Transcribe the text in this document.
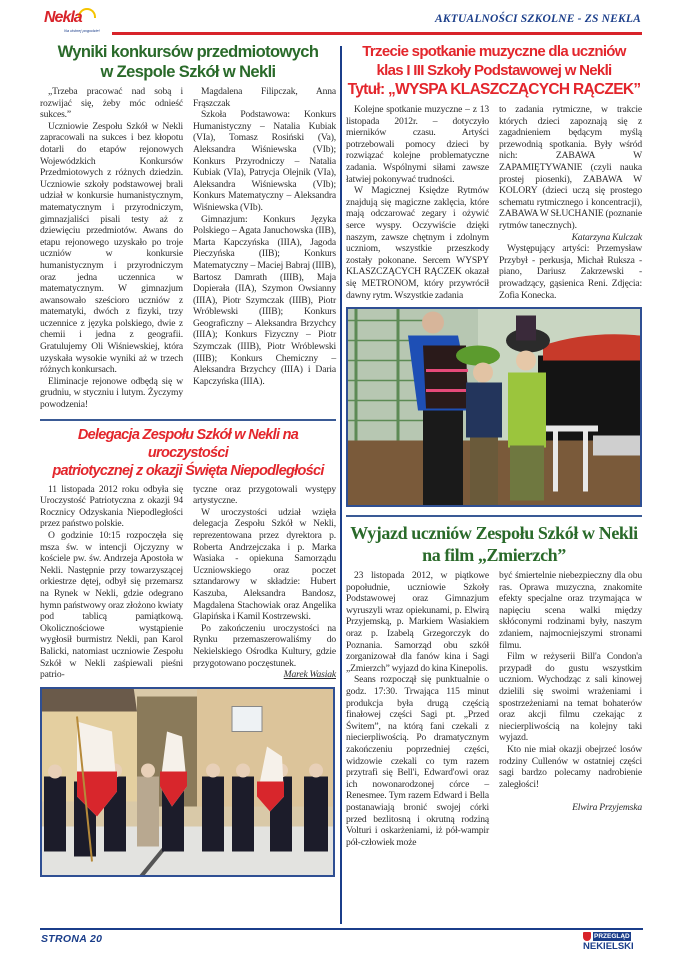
Nekla
Na dobrej pogodzie!
AKTUALNOŚCI SZKOLNE - ZS NEKLA
Wyniki konkursów przedmiotowych
w Zespole Szkół w Nekli

„Trzeba pracować nad sobą i rozwijać się, żeby móc odnieść sukces.”

Uczniowie Zespołu Szkół w Nekli zapracowali na sukces i bez kłopotu dotarli do etapów rejonowych Wojewódzkich Konkursów Przedmiotowych z różnych dziedzin. Uczniowie szkoły podstawowej brali udział w konkursie humanistycznym, matematycznym i przyrodniczym, gimnazjaliści pisali testy aż z dziewięciu przedmiotów. Awans do etapu rejonowego uzyskało po troje uczniów w konkursie humanistycznym i przyrodniczym oraz jedna uczennica w matematycznym. W gimnazjum awansowało sześcioro uczniów z matematyki, dwóch z fizyki, trzy uczennice z języka polskiego, dwie z chemii i jedna z geografii. Gratulujemy Oli Wiśniewskiej, która uzyskała wysokie wyniki aż w trzech różnych konkursach.

Eliminacje rejonowe odbędą się w grudniu, w styczniu i lutym. Życzymy powodzenia!

Magdalena Filipczak, Anna Frąszczak

Szkoła Podstawowa: Konkurs Humanistyczny – Natalia Kubiak (VIa), Tomasz Rosiński (Va), Aleksandra Wiśniewska (VIb); Konkurs Przyrodniczy – Natalia Kubiak (VIa), Patrycja Olejnik (VIa), Aleksandra Wiśniewska (VIb); Konkurs Matematyczny – Aleksandra Wiśniewska (VIb).

Gimnazjum: Konkurs Języka Polskiego – Agata Januchowska (IIB), Marta Kapczyńska (IIIA), Jagoda Pieczyńska (IIB); Konkurs Matematyczny – Maciej Babraj (IIIB), Bartosz Damrath (IIIB), Maja Dopierała (IIA), Szymon Owsianny (IIIA), Piotr Szymczak (IIIB), Piotr Wróblewski (IIIB); Konkurs Geograficzny – Aleksandra Brzychcy (IIIA); Konkurs Fizyczny – Piotr Szymczak (IIIB), Piotr Wróblewski (IIIB); Konkurs Chemiczny – Aleksandra Brzychcy (IIIA) i Daria Kapczyńska (IIIA).

Delegacja Zespołu Szkół w Nekli na uroczystości
patriotycznej z okazji Święta Niepodległości

11 listopada 2012 roku odbyła się Uroczystość Patriotyczna z okazji 94 Rocznicy Odzyskania Niepodległości przez państwo polskie.

O godzinie 10:15 rozpoczęła się msza św. w intencji Ojczyzny w kościele pw. św. Andrzeja Apostoła w Nekli. Następnie przy towarzyszącej orkiestrze dętej, odbył się przemarsz na Rynek w Nekli, gdzie odegrano hymn państwowy oraz złożono kwiaty pod tablicą pamiątkową. Okolicznościowe wystąpienie wygłosił burmistrz Nekli, pan Karol Balicki, natomiast uczniowie Zespołu Szkół w Nekli zaśpiewali pieśni patrio-

tyczne oraz przygotowali występy artystyczne.

W uroczystości udział wzięła delegacja Zespołu Szkół w Nekli, reprezentowana przez dyrektora p. Roberta Andrzejczaka i p. Marka Wasiaka - opiekuna Samorządu Uczniowskiego oraz poczet sztandarowy w składzie: Hubert Kaszuba, Aleksandra Bandosz, Magdalena Stachowiak oraz Angelika Glapińska i Kamil Kostrzewski.

Po zakończeniu uroczystości na Rynku przemaszerowaliśmy do Nekielskiego Ośrodka Kultury, gdzie przygotowano poczęstunek.

Marek Wasiak

Trzecie spotkanie muzyczne dla uczniów
klas I III Szkoły Podstawowej w Nekli
Tytuł: „WYSPA KLASZCZĄCYCH RĄCZEK”

Kolejne spotkanie muzyczne – z 13 listopada 2012r. – dotyczyło mierników czasu. Artyści potrzebowali pomocy dzieci by rozwiązać kolejne problematyczne zadania. Wspólnymi siłami zawsze łatwiej pokonywać trudności.

W Magicznej Księdze Rytmów znajdują się magiczne zaklęcia, które mają odczarować zegary i ożywić serce wyspy. Oczywiście dzięki naszym, zawsze chętnym i zdolnym uczniom, wszystkie przeszkody zostały pokonane. Sercem WYSPY KLASZCZĄCYCH RĄCZEK okazał się METRONOM, który przywrócił dawny rytm. Wszystkie zadania

to zadania rytmiczne, w trakcie których dzieci zapoznają się z zagadnieniem będącym myślą przewodnią spotkania. Były wśród nich: ZABAWA W ZAPAMIĘTYWANIE (czyli nauka prostej piosenki), ZABAWA W KOLORY (dzieci uczą się prostego schematu rytmicznego i koncentracji), ZABAWA W SŁUCHANIE (poznanie rytmów tanecznych).

Katarzyna Kulczak

Występujący artyści: Przemysław Przybył - perkusja, Michał Ruksza - piano, Dariusz Zakrzewski - prowadzący, gąsienica Reni. Zdjęcia: Zofia Konecka.

Wyjazd uczniów Zespołu Szkół w Nekli
na film „Zmierzch”

23 listopada 2012, w piątkowe popołudnie, uczniowie Szkoły Podstawowej oraz Gimnazjum wyruszyli wraz opiekunami, p. Elwirą Przyjemską, p. Markiem Wasiakiem oraz p. Izabelą Grzegorczyk do Poznania. Samorząd obu szkół zorganizował dla fanów kina i Sagi „Zmierzch” wyjazd do kina Kinepolis.

Seans rozpoczął się punktualnie o godz. 17:30. Trwająca 115 minut produkcja była drugą częścią finałowej części Sagi pt. „Przed Świtem”, na którą fani czekali z niecierpliwością. Po dramatycznym zakończeniu poprzedniej części, widzowie czekali co tym razem przytrafi się Bell'i, Edward'owi oraz ich nowonarodzonej córce – Renesmee. Tym razem Edward i Bella postanawiają bronić swojej córki przed bezlitosną i okrutną rodziną Volturi i oskarżeniami, iż pół-wampir pół-człowiek może

być śmiertelnie niebezpieczny dla obu ras. Oprawa muzyczna, znakomite efekty specjalne oraz trzymająca w napięciu scena walki między skłóconymi rodzinami były, naszym zdaniem, najmocniejszymi stronami filmu.

Film w reżyserii Bill'a Condon'a przypadł do gustu wszystkim uczniom. Wychodząc z sali kinowej dzielili się swoimi wrażeniami i spostrzeżeniami na temat bohaterów oraz akcji filmu czekając z niecierpliwością na kolejny taki wyjazd.

Kto nie miał okazji obejrzeć losów rodziny Cullenów w ostatniej części sagi bardzo polecamy nadrobienie zaległości!

Elwira Przyjemska

STRONA 20	PRZEGLĄD
NEKIELSKI
